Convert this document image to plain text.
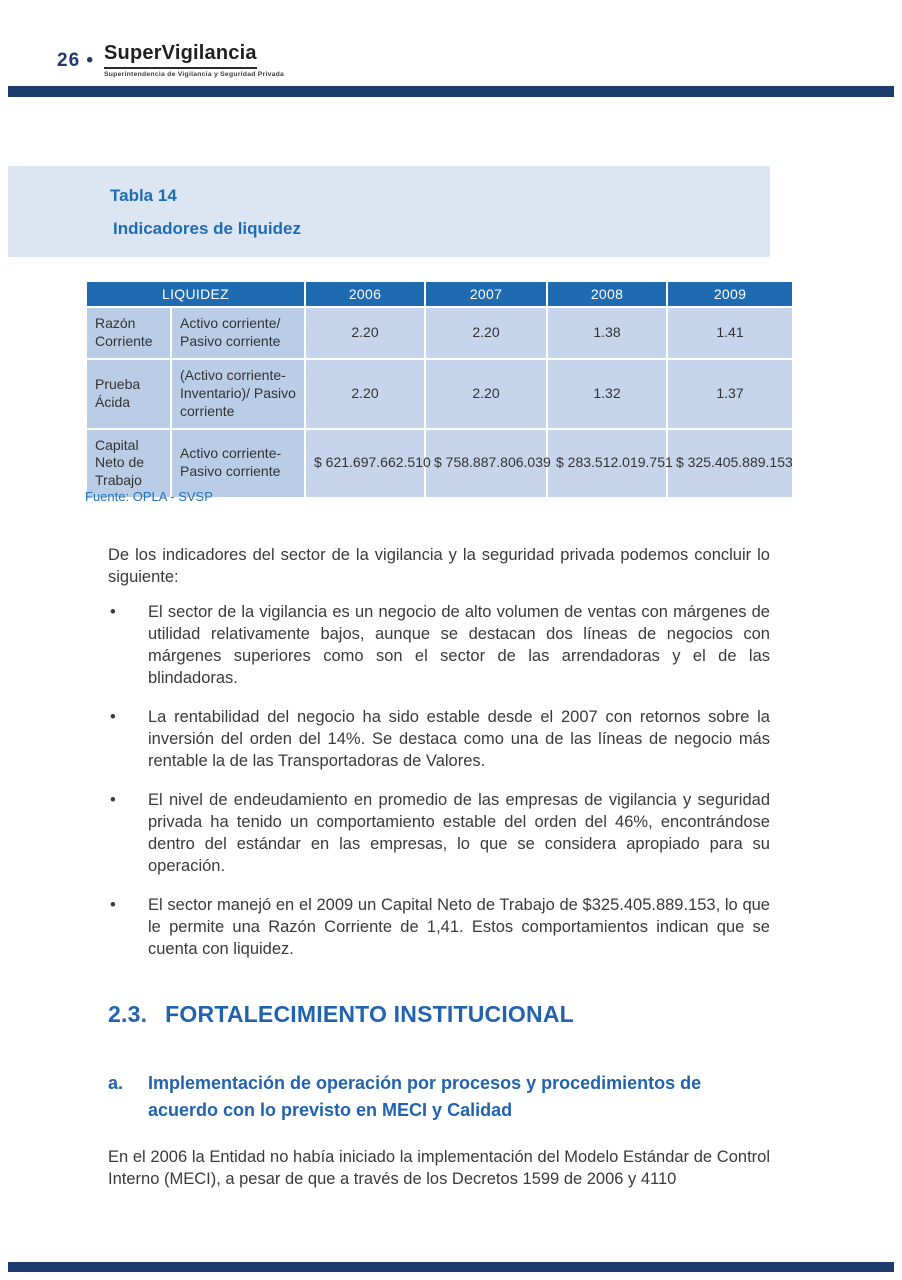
26 • SuperVigilancia
Superintendencia de Vigilancia y Seguridad Privada
Tabla 14
Indicadores de liquidez
LIQUIDEZ		2006	2007	2008	2009
Razón Corriente	Activo corriente/ Pasivo corriente	2.20	2.20	1.38	1.41
Prueba Ácida	(Activo corriente- Inventario)/ Pasivo corriente	2.20	2.20	1.32	1.37
Capital Neto de Trabajo	Activo corriente- Pasivo corriente	$ 621.697.662.510	$ 758.887.806.039	$ 283.512.019.751	$ 325.405.889.153
Fuente: OPLA - SVSP

De los indicadores del sector de la vigilancia y la seguridad privada podemos concluir lo siguiente:

• El sector de la vigilancia es un negocio de alto volumen de ventas con márgenes de utilidad relativamente bajos, aunque se destacan dos líneas de negocios con márgenes superiores como son el sector de las arrendadoras y el de las blindadoras.
• La rentabilidad del negocio ha sido estable desde el 2007 con retornos sobre la inversión del orden del 14%. Se destaca como una de las líneas de negocio más rentable la de las Transportadoras de Valores.
• El nivel de endeudamiento en promedio de las empresas de vigilancia y seguridad privada ha tenido un comportamiento estable del orden del 46%, encontrándose dentro del estándar en las empresas, lo que se considera apropiado para su operación.
• El sector manejó en el 2009 un Capital Neto de Trabajo de $325.405.889.153, lo que le permite una Razón Corriente de 1,41. Estos comportamientos indican que se cuenta con liquidez.
2.3. FORTALECIMIENTO INSTITUCIONAL
a.	Implementación de operación por procesos y procedimientos de acuerdo con lo previsto en MECI y Calidad

En el 2006 la Entidad no había iniciado la implementación del Modelo Estándar de Control Interno (MECI), a pesar de que a través de los Decretos 1599 de 2006 y 4110
